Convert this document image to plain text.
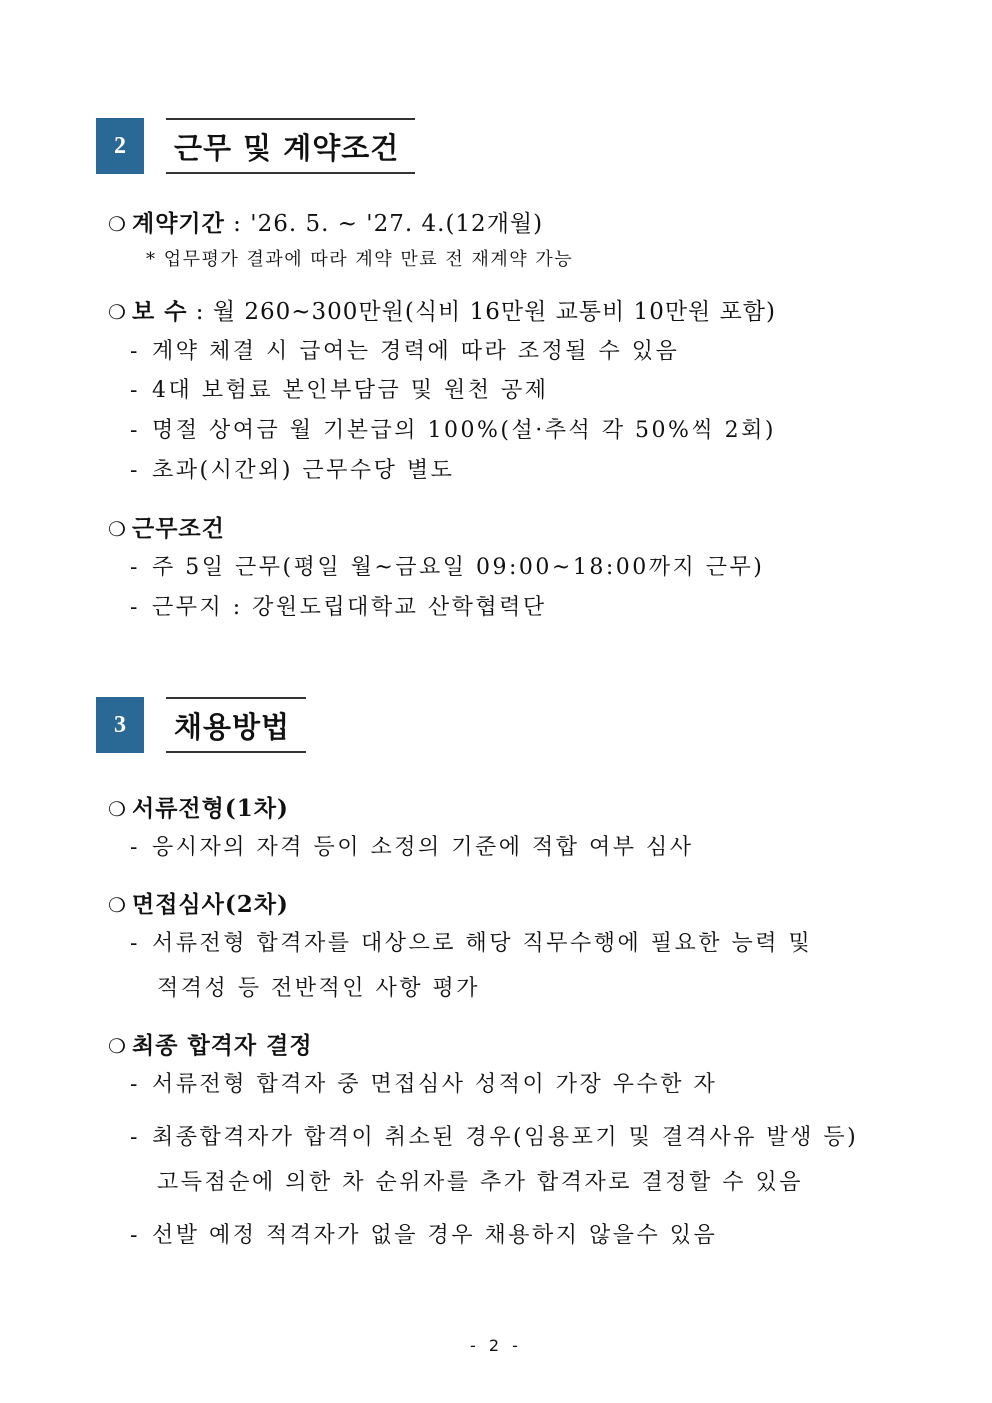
2	근무 및 계약조건
❍ 계약기간 : '26. 5. ~ '27. 4.(12개월)
* 업무평가 결과에 따라 계약 만료 전 재계약 가능
❍ 보 수 : 월 260~300만원(식비 16만원 교통비 10만원 포함)
- 계약 체결 시 급여는 경력에 따라 조정될 수 있음
- 4대 보험료 본인부담금 및 원천 공제
- 명절 상여금 월 기본급의 100%(설·추석 각 50%씩 2회)
- 초과(시간외) 근무수당 별도
❍ 근무조건
- 주 5일 근무(평일 월~금요일 09:00~18:00까지 근무)
- 근무지 : 강원도립대학교 산학협력단
3	채용방법
❍ 서류전형(1차)
- 응시자의 자격 등이 소정의 기준에 적합 여부 심사
❍ 면접심사(2차)
- 서류전형 합격자를 대상으로 해당 직무수행에 필요한 능력 및
적격성 등 전반적인 사항 평가
❍ 최종 합격자 결정
- 서류전형 합격자 중 면접심사 성적이 가장 우수한 자
- 최종합격자가 합격이 취소된 경우(임용포기 및 결격사유 발생 등)
고득점순에 의한 차 순위자를 추가 합격자로 결정할 수 있음
- 선발 예정 적격자가 없을 경우 채용하지 않을수 있음
- 2 -
